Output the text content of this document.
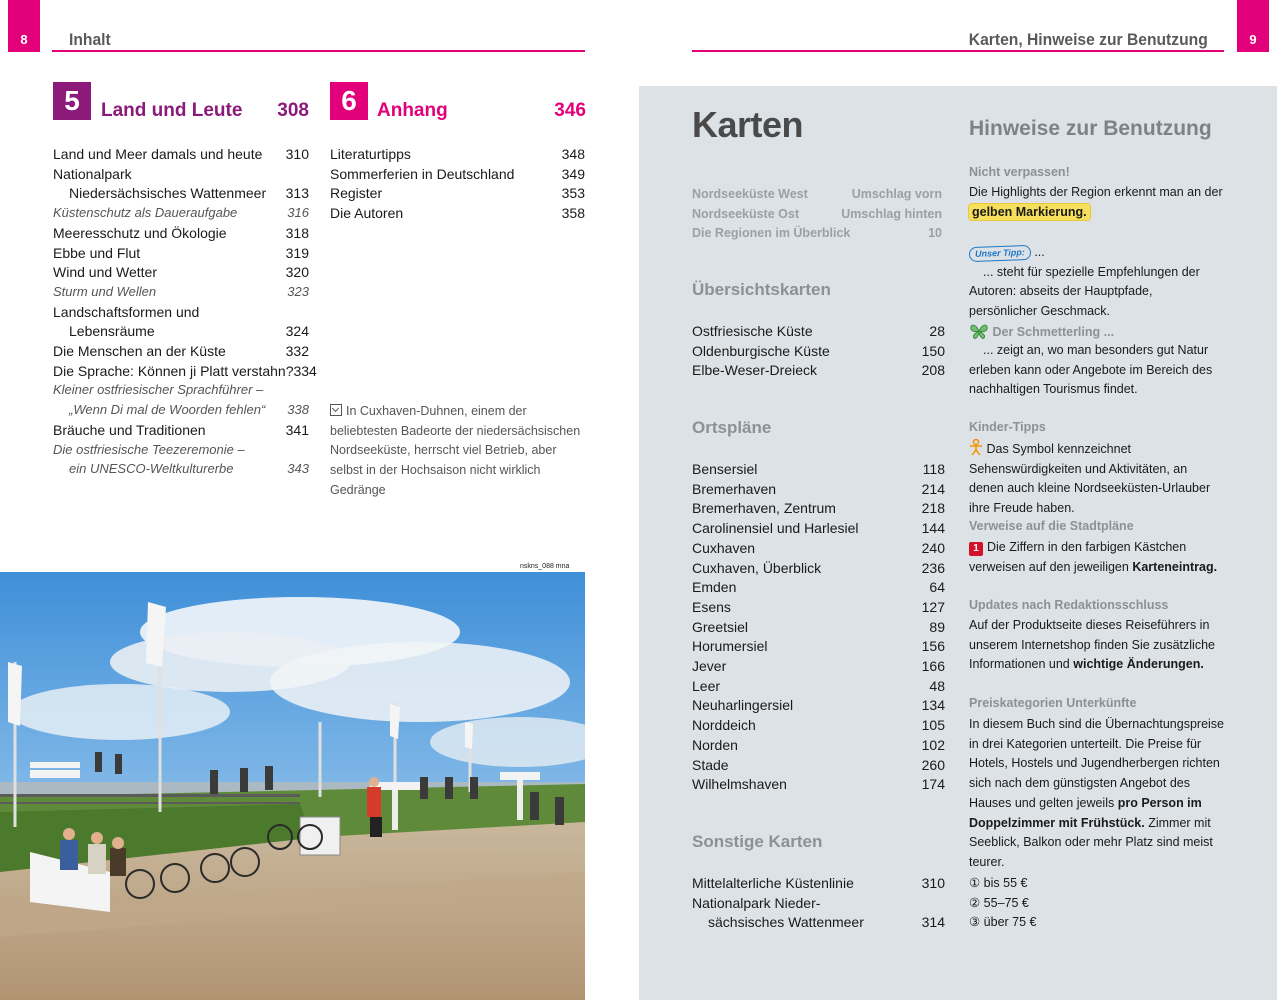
8	Inhalt
5	Land und Leute	308
Land und Meer damals und heute 310
Nationalpark
Niedersächsisches Wattenmeer 313
Küstenschutz als Daueraufgabe	316
Meeresschutz und Ökologie	318
Ebbe und Flut	319
Wind und Wetter	320
Sturm und Wellen	323
Landschaftsformen und
Lebensräume	324
Die Menschen an der Küste	332
Die Sprache: Können ji Platt verstahn? 334
Kleiner ostfriesischer Sprachführer –
„Wenn Di mal de Woorden fehlen“ 338
Bräuche und Traditionen	341
Die ostfriesische Teezeremonie –
ein UNESCO-Weltkulturerbe	343
6	Anhang	346
Literaturtipps	348
Sommerferien in Deutschland	349
Register	353
Die Autoren	358
In Cuxhaven-Duhnen, einem der beliebtesten Badeorte der niedersächsischen Nordseeküste, herrscht viel Betrieb, aber selbst in der Hochsaison nicht wirklich Gedränge
nskns_088 mna
9
Karten, Hinweise zur Benutzung
Karten
Nordseeküste West	Umschlag vorn
Nordseeküste Ost	Umschlag hinten
Die Regionen im Überblick	10
Übersichtskarten
Ostfriesische Küste	28
Oldenburgische Küste	150
Elbe-Weser-Dreieck	208
Ortspläne
Bensersiel	118
Bremerhaven	214
Bremerhaven, Zentrum	218
Carolinensiel und Harlesiel	144
Cuxhaven	240
Cuxhaven, Überblick	236
Emden	64
Esens	127
Greetsiel	89
Horumersiel	156
Jever	166
Leer	48
Neuharlingersiel	134
Norddeich	105
Norden	102
Stade	260
Wilhelmshaven	174
Sonstige Karten
Mittelalterliche Küstenlinie	310
Nationalpark Nieder-
sächsisches Wattenmeer	314
Hinweise zur Benutzung
Nicht verpassen!
Die Highlights der Region erkennt man an der
gelben Markierung.
Unser Tipp: ...
... steht für spezielle Empfehlungen der Autoren: abseits der Hauptpfade, persönlicher Geschmack.
Der Schmetterling ...
... zeigt an, wo man besonders gut Natur erleben kann oder Angebote im Bereich des nachhaltigen Tourismus findet.
Kinder-Tipps
Das Symbol kennzeichnet Sehenswürdigkeiten und Aktivitäten, an denen auch kleine Nordseeküsten-Urlauber ihre Freude haben.
Verweise auf die Stadtpläne
1 Die Ziffern in den farbigen Kästchen verweisen auf den jeweiligen Karteneintrag.
Updates nach Redaktionsschluss
Auf der Produktseite dieses Reiseführers in unserem Internetshop finden Sie zusätzliche Informationen und wichtige Änderungen.
Preiskategorien Unterkünfte
In diesem Buch sind die Übernachtungspreise in drei Kategorien unterteilt. Die Preise für Hotels, Hostels und Jugendherbergen richten sich nach dem günstigsten Angebot des Hauses und gelten jeweils pro Person im Doppelzimmer mit Frühstück. Zimmer mit Seeblick, Balkon oder mehr Platz sind meist teurer.
① bis 55 €
② 55–75 €
③ über 75 €
